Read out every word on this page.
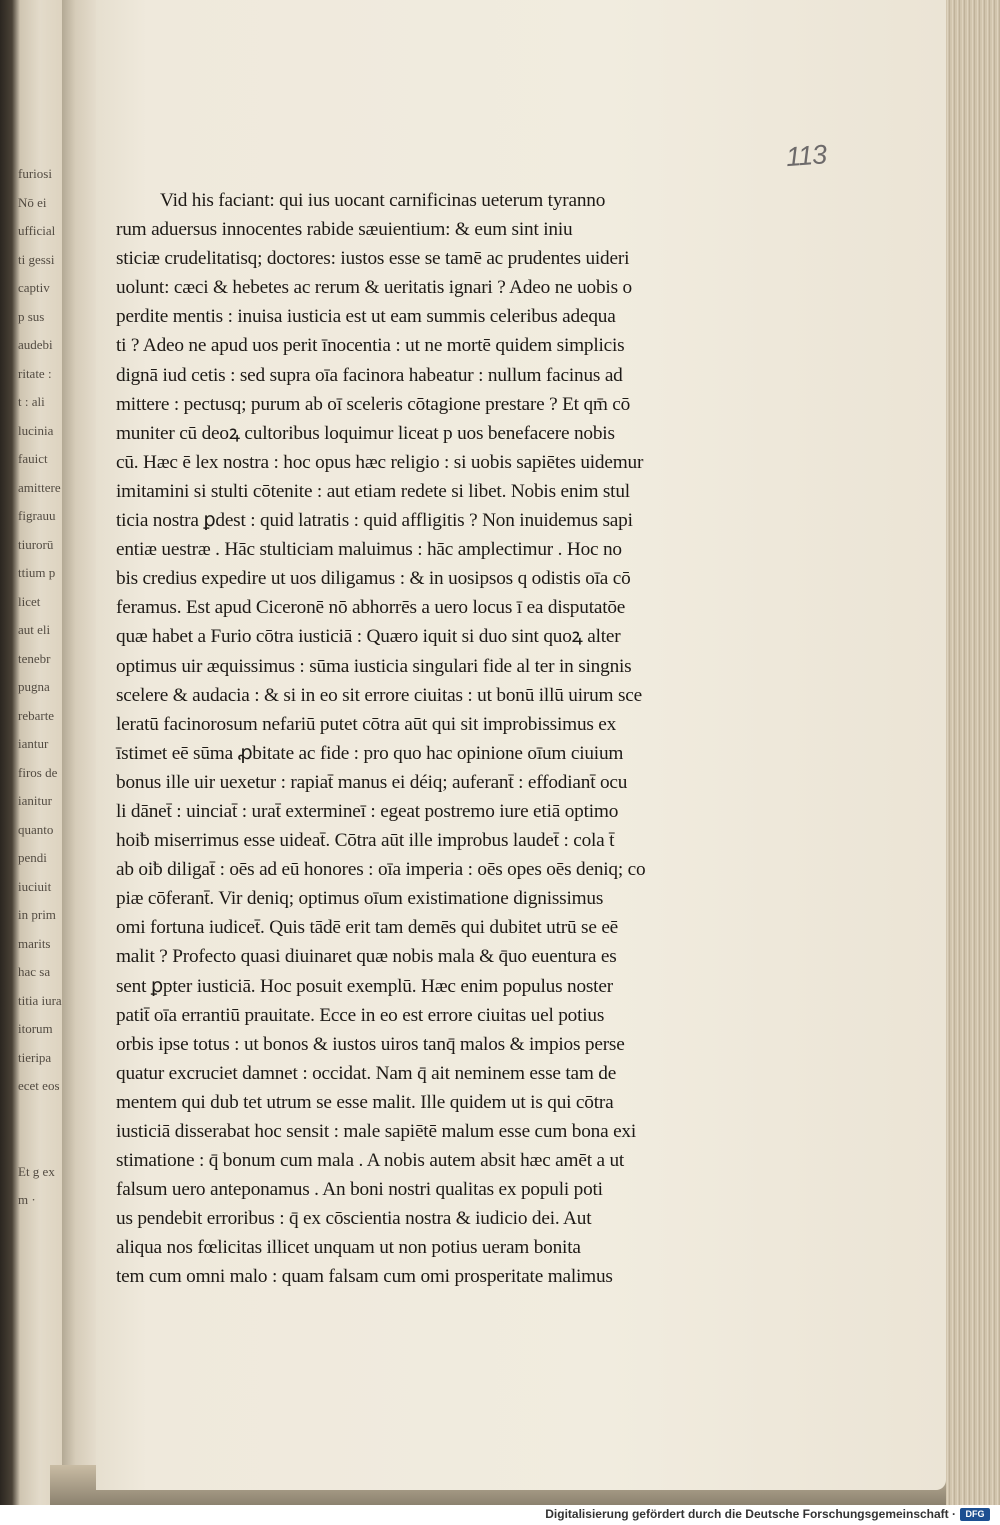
furiosi
Nō ei
ufficial
ti gessi
captiv
p sus
audebi
ritate :
t : ali
lucinia
fauict
amittere
figrauu
tiurorū
ttium p
licet
aut eli
tenebr
pugna
rebarte
iantur
firos de
ianitur
quanto
pendi
iuciuit
in prim
marits
hac sa
titia iura
itorum
tieripa
ecet eos
Et g ex
m ·
113
Vid his faciant: qui ius uocant carnificinas ueterum tyranno
rum aduersus innocentes rabide sæuientium: & eum sint iniu
sticiæ crudelitatisq; doctores: iustos esse se tamē ac prudentes uideri
uolunt: cæci & hebetes ac rerum & ueritatis ignari ? Adeo ne uobis o
perdite mentis : inuisa iusticia est ut eam summis celeribus adequa
ti ? Adeo ne apud uos perit īnocentia : ut ne mortē quidem simplicis
dignā iud cetis : sed supra oīa facinora habeatur : nullum facinus ad
mittere : pectusq; purum ab oī sceleris cōtagione prestare ? Et qm̄ cō
muniter cū deoꝝ cultoribus loquimur liceat p uos benefacere nobis
cū. Hæc ē lex nostra : hoc opus hæc religio : si uobis sapiētes uidemur
imitamini si stulti cōtenite : aut etiam redete si libet. Nobis enim stul
ticia nostra ꝑdest : quid latratis : quid affligitis ? Non inuidemus sapi
entiæ uestræ . Hāc stulticiam maluimus : hāc amplectimur . Hoc no
bis credius expedire ut uos diligamus : & in uosipsos q odistis oīa cō
feramus. Est apud Ciceronē nō abhorrēs a uero locus ī ea disputatōe
quæ habet a Furio cōtra iusticiā : Quæro iquit si duo sint quoꝝ alter
optimus uir æquissimus : sūma iusticia singulari fide al ter in singnis
scelere & audacia : & si in eo sit errore ciuitas : ut bonū illū uirum sce
leratū facinorosum nefariū putet cōtra aūt qui sit improbissimus ex
īstimet eē sūma ꝓbitate ac fide : pro quo hac opinione oīum ciuium
bonus ille uir uexetur : rapiat̄ manus ei déiq; auferant̄ : effodiant̄ ocu
li dānet̄ : uinciat̄ : urat̄ extermineī : egeat postremo iure etiā optimo
hoiƀ miserrimus esse uideat̄. Cōtra aūt ille improbus laudet̄ : cola t̄
ab oiƀ diligat̄ : oēs ad eū honores : oīa imperia : oēs opes oēs deniq; co
piæ cōferant̄. Vir deniq; optimus oīum existimatione dignissimus
omi fortuna iudicet̄. Quis tādē erit tam demēs qui dubitet utrū se eē
malit ? Profecto quasi diuinaret quæ nobis mala & q̄uo euentura es
sent ꝑpter iusticiā. Hoc posuit exemplū. Hæc enim populus noster
patit̄ oīa errantiū prauitate. Ecce in eo est errore ciuitas uel potius
orbis ipse totus : ut bonos & iustos uiros tanq̄ malos & impios perse
quatur excruciet damnet : occidat. Nam q̄ ait neminem esse tam de
mentem qui dub tet utrum se esse malit. Ille quidem ut is qui cōtra
iusticiā disserabat hoc sensit : male sapiētē malum esse cum bona exi
stimatione : q̄ bonum cum mala . A nobis autem absit hæc amēt a ut
falsum uero anteponamus . An boni nostri qualitas ex populi poti
us pendebit erroribus : q̄ ex cōscientia nostra & iudicio dei. Aut
aliqua nos fœlicitas illicet unquam ut non potius ueram bonita
tem cum omni malo : quam falsam cum omi prosperitate malimus
Digitalisierung gefördert durch die Deutsche Forschungsgemeinschaft ·	DFG
